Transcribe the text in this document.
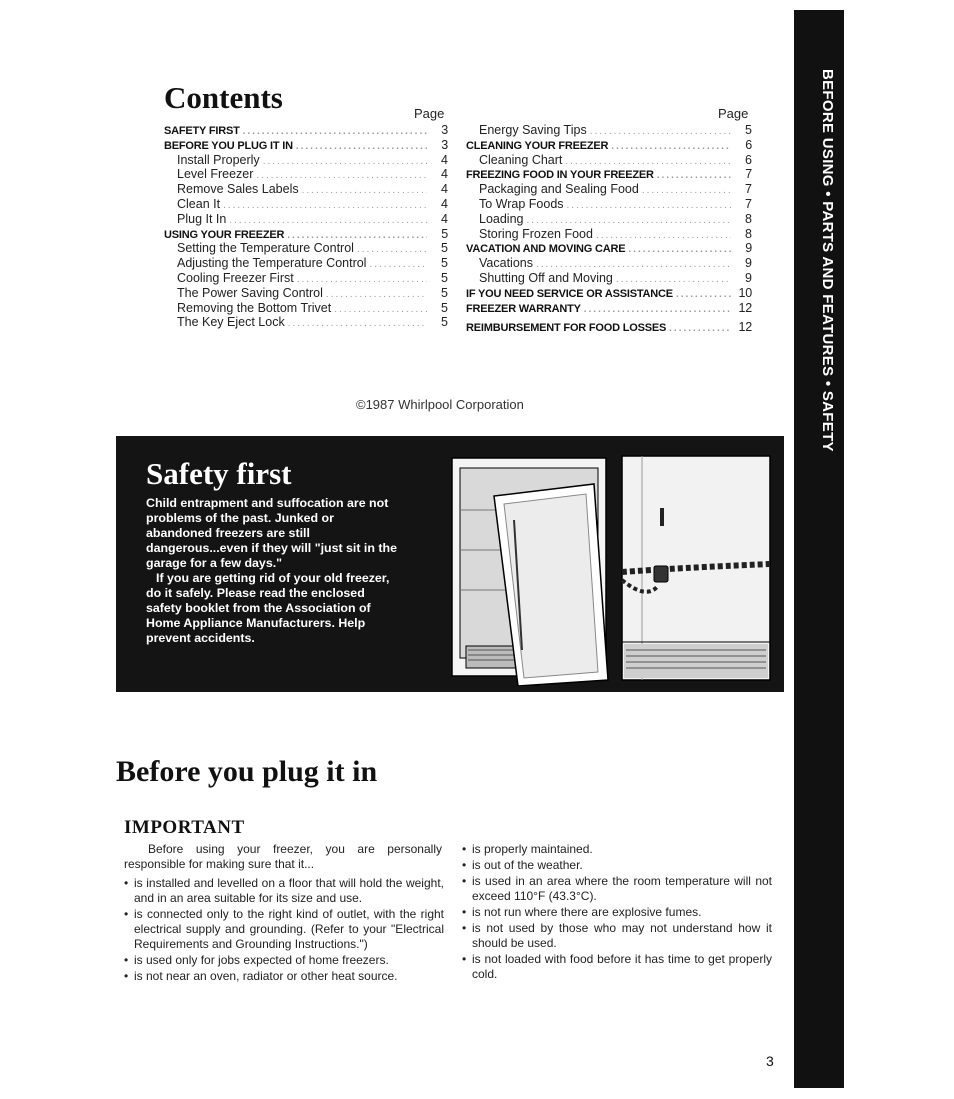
BEFORE USING • PARTS AND FEATURES • SAFETY
Contents	Page	Page
SAFETY FIRST .....	3
BEFORE YOU PLUG IT IN .....	3
Install Properly .....	4
Level Freezer .....	4
Remove Sales Labels .....	4
Clean It .....	4
Plug It In .....	4
USING YOUR FREEZER .....	5
Setting the Temperature Control .....	5
Adjusting the Temperature Control .....	5
Cooling Freezer First .....	5
The Power Saving Control .....	5
Removing the Bottom Trivet .....	5
The Key Eject Lock .....	5
Energy Saving Tips .....	5
CLEANING YOUR FREEZER .....	6
Cleaning Chart .....	6
FREEZING FOOD IN YOUR FREEZER .....	7
Packaging and Sealing Food .....	7
To Wrap Foods .....	7
Loading .....	8
Storing Frozen Food .....	8
VACATION AND MOVING CARE .....	9
Vacations .....	9
Shutting Off and Moving .....	9
IF YOU NEED SERVICE OR ASSISTANCE .....	10
FREEZER WARRANTY .....	12
REIMBURSEMENT FOR FOOD LOSSES .....	12
©1987 Whirlpool Corporation
Safety first

Child entrapment and suffocation are not problems of the past. Junked or abandoned freezers are still dangerous...even if they will "just sit in the garage for a few days."
If you are getting rid of your old freezer, do it safely. Please read the enclosed safety booklet from the Association of Home Appliance Manufacturers. Help prevent accidents.

Before you plug it in
IMPORTANT

Before using your freezer, you are personally responsible for making sure that it...

• is installed and levelled on a floor that will hold the weight, and in an area suitable for its size and use.
• is connected only to the right kind of outlet, with the right electrical supply and grounding. (Refer to your "Electrical Requirements and Grounding Instructions.")
• is used only for jobs expected of home freezers.
• is not near an oven, radiator or other heat source.
• is properly maintained.
• is out of the weather.
• is used in an area where the room temperature will not exceed 110°F (43.3°C).
• is not run where there are explosive fumes.
• is not used by those who may not understand how it should be used.
• is not loaded with food before it has time to get properly cold.
3
